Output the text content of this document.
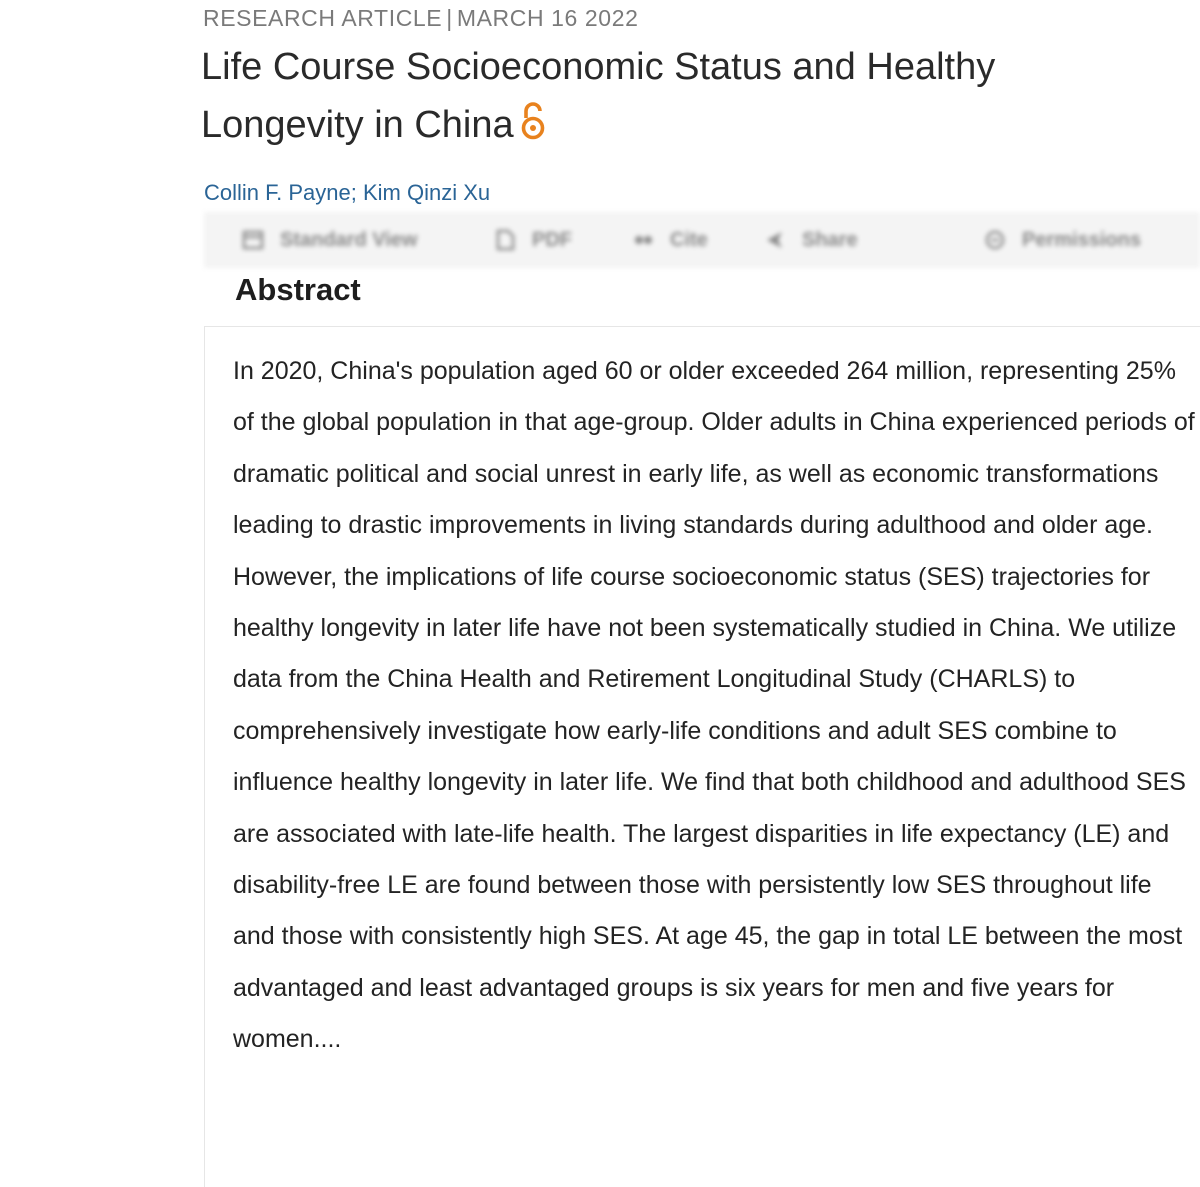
RESEARCH ARTICLE | MARCH 16 2022
Life Course Socioeconomic Status and Healthy Longevity in China
Collin F. Payne; Kim Qinzi Xu
Standard View	PDF	Cite	Share	Permissions
Abstract

In 2020, China's population aged 60 or older exceeded 264 million, representing 25% of the global population in that age-group. Older adults in China experienced periods of dramatic political and social unrest in early life, as well as economic transformations leading to drastic improvements in living standards during adulthood and older age. However, the implications of life course socioeconomic status (SES) trajectories for healthy longevity in later life have not been systematically studied in China. We utilize data from the China Health and Retirement Longitudinal Study (CHARLS) to comprehensively investigate how early-life conditions and adult SES combine to influence healthy longevity in later life. We find that both childhood and adulthood SES are associated with late-life health. The largest disparities in life expectancy (LE) and disability-free LE are found between those with persistently low SES throughout life and those with consistently high SES. At age 45, the gap in total LE between the most advantaged and least advantaged groups is six years for men and five years for women....
